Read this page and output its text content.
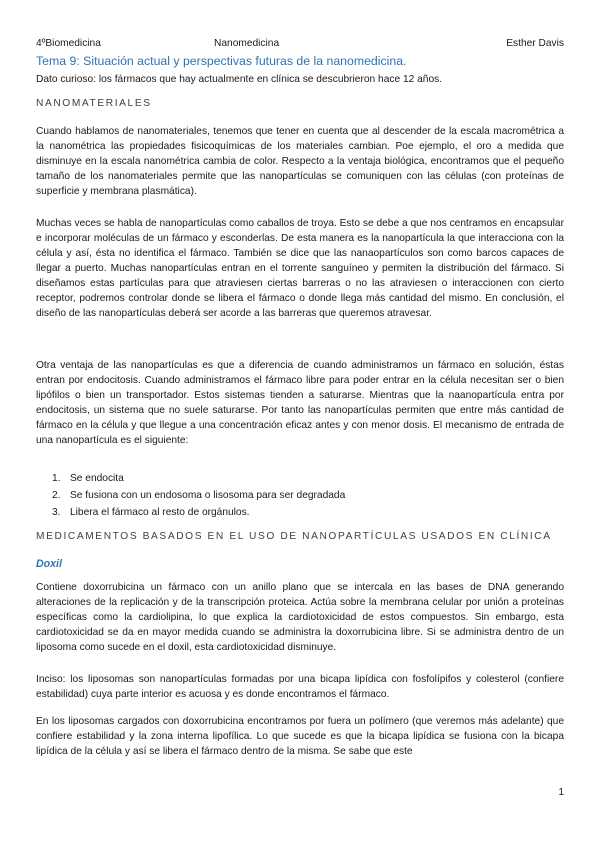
4ºBiomedicina	Nanomedicina	Esther Davis
Tema 9: Situación actual y perspectivas futuras de la nanomedicina.
Dato curioso: los fármacos que hay actualmente en clínica se descubrieron hace 12 años.
NANOMATERIALES

Cuando hablamos de nanomateriales, tenemos que tener en cuenta que al descender de la escala macrométrica a la nanométrica las propiedades fisicoquímicas de los materiales cambian. Poe ejemplo, el oro a medida que disminuye en la escala nanométrica cambia de color. Respecto a la ventaja biológica, encontramos que el pequeño tamaño de los nanomateriales permite que las nanopartículas se comuniquen con las células (con proteínas de superficie y membrana plasmática).

Muchas veces se habla de nanopartículas como caballos de troya. Esto se debe a que nos centramos en encapsular e incorporar moléculas de un fármaco y esconderlas. De esta manera es la nanopartícula la que interacciona con la célula y así, ésta no identifica el fármaco. También se dice que las nanaopartículos son como barcos capaces de llegar a puerto. Muchas nanopartículas entran en el torrente sanguíneo y permiten la distribución del fármaco. Si diseñamos estas partículas para que atraviesen ciertas barreras o no las atraviesen o interaccionen con cierto receptor, podremos controlar donde se libera el fármaco o donde llega más cantidad del mismo. En conclusión, el diseño de las nanopartículas deberá ser acorde a las barreras que queremos atravesar.

Otra ventaja de las nanopartículas es que a diferencia de cuando administramos un fármaco en solución, éstas entran por endocitosis. Cuando administramos el fármaco libre para poder entrar en la célula necesitan ser o bien lipófilos o bien un transportador. Estos sistemas tienden a saturarse. Mientras que la naanopartícula entra por endocitosis, un sistema que no suele saturarse. Por tanto las nanopartículas permiten que entre más cantidad de fármaco en la célula y que llegue a una concentración eficaz antes y con menor dosis. El mecanismo de entrada de una nanopartícula es el siguiente:

1. Se endocita
2. Se fusiona con un endosoma o lisosoma para ser degradada
3. Libera el fármaco al resto de orgánulos.
MEDICAMENTOS BASADOS EN EL USO DE NANOPARTÍCULAS USADOS EN CLÍNICA
Doxil

Contiene doxorrubicina un fármaco con un anillo plano que se intercala en las bases de DNA generando alteraciones de la replicación y de la transcripción proteica. Actúa sobre la membrana celular por unión a proteínas específicas como la cardiolipina, lo que explica la cardiotoxicidad de estos compuestos. Sin embargo, esta cardiotoxicidad se da en mayor medida cuando se administra la doxorrubicina libre. Si se administra dentro de un liposoma como sucede en el doxil, esta cardiotoxicidad disminuye.

Inciso: los liposomas son nanopartículas formadas por una bicapa lipídica con fosfolípifos y colesterol (confiere estabilidad) cuya parte interior es acuosa y es donde encontramos el fármaco.

En los liposomas cargados con doxorrubicina encontramos por fuera un polímero (que veremos más adelante) que confiere estabilidad y la zona interna lipofílica. Lo que sucede es que la bicapa lipídica se fusiona con la bicapa lipídica de la célula y así se libera el fármaco dentro de la misma. Se sabe que este

1
